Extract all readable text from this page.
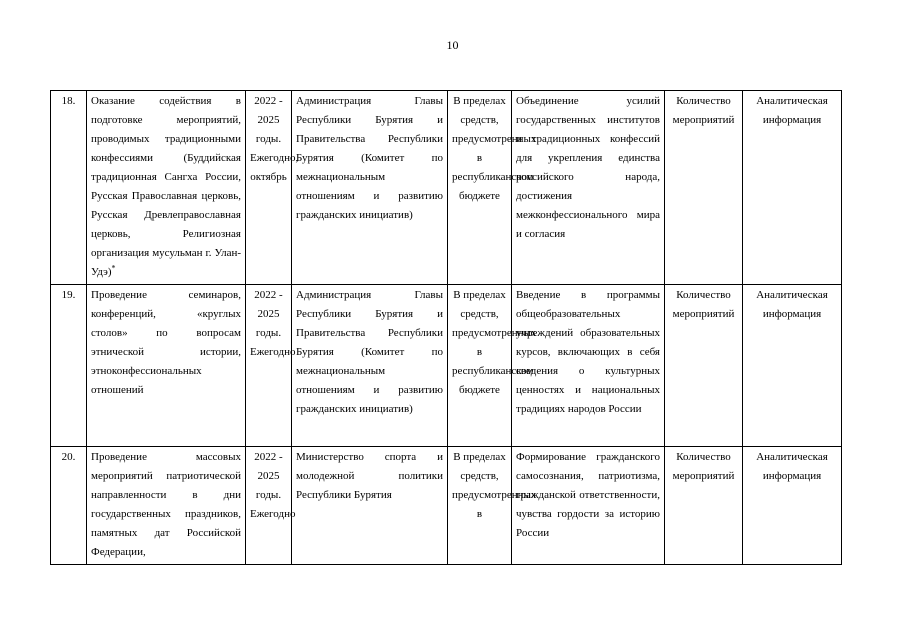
10
18.	Оказание содействия в подготовке мероприятий, проводимых традиционными конфессиями (Буддийская традиционная Сангха России, Русская Православная церковь, Русская Древлеправославная церковь, Религиозная организация мусульман г. Улан-Удэ)*	2022 - 2025 годы. Ежегодно, октябрь	Администрация Главы Республики Бурятия и Правительства Республики Бурятия (Комитет по межнациональным отношениям и развитию гражданских инициатив)	В пределах средств, предусмотренных в республиканском бюджете	Объединение усилий государственных институтов и традиционных конфессий для укрепления единства российского народа, достижения межконфессионального мира и согласия	Количество мероприятий	Аналитическая информация
19.	Проведение семинаров, конференций, «круглых столов» по вопросам этнической истории, этноконфессиональных отношений	2022 - 2025 годы. Ежегодно	Администрация Главы Республики Бурятия и Правительства Республики Бурятия (Комитет по межнациональным отношениям и развитию гражданских инициатив)	В пределах средств, предусмотренных в республиканском бюджете	Введение в программы общеобразовательных учреждений образовательных курсов, включающих в себя сведения о культурных ценностях и национальных традициях народов России	Количество мероприятий	Аналитическая информация
20.	Проведение массовых мероприятий патриотической направленности в дни государственных праздников, памятных дат Российской Федерации,	2022 - 2025 годы. Ежегодно	Министерство спорта и молодежной политики Республики Бурятия	В пределах средств, предусмотренных в	Формирование гражданского самосознания, патриотизма, гражданской ответственности, чувства гордости за историю России	Количество мероприятий	Аналитическая информация
